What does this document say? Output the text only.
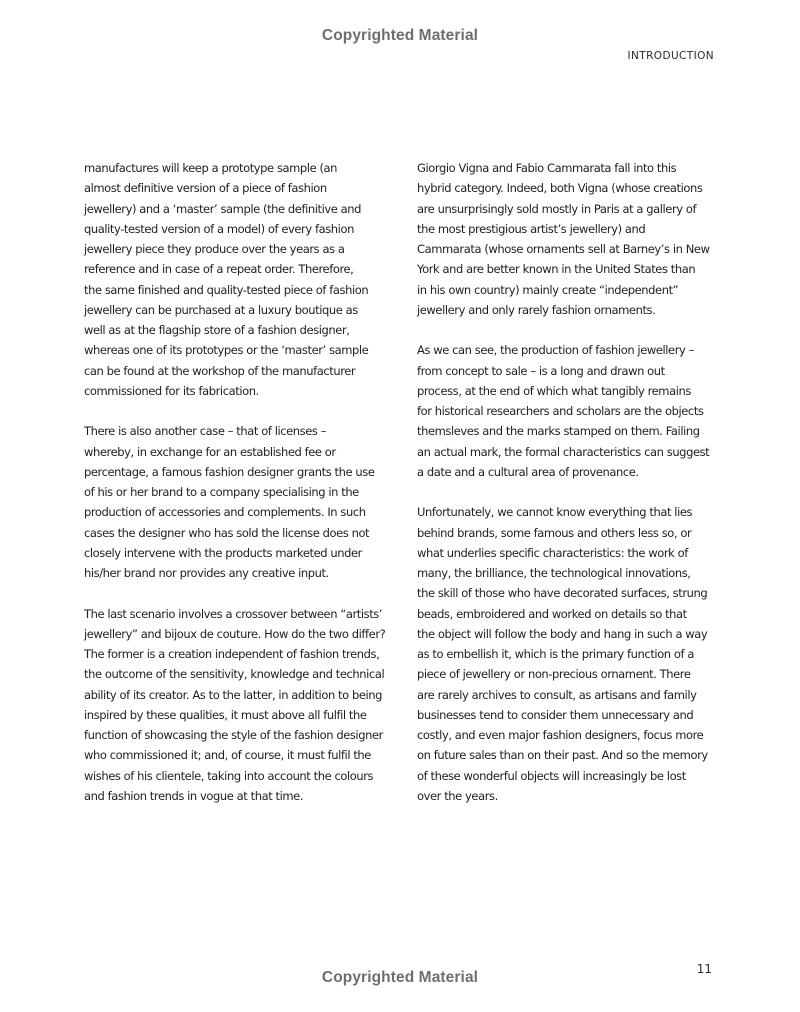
Copyrighted Material
INTRODUCTION

manufactures will keep a prototype sample (an
almost definitive version of a piece of fashion
jewellery) and a ‘master’ sample (the definitive and
quality-tested version of a model) of every fashion
jewellery piece they produce over the years as a
reference and in case of a repeat order. Therefore,
the same finished and quality-tested piece of fashion
jewellery can be purchased at a luxury boutique as
well as at the flagship store of a fashion designer,
whereas one of its prototypes or the ‘master’ sample
can be found at the workshop of the manufacturer
commissioned for its fabrication.

There is also another case – that of licenses –
whereby, in exchange for an established fee or
percentage, a famous fashion designer grants the use
of his or her brand to a company specialising in the
production of accessories and complements. In such
cases the designer who has sold the license does not
closely intervene with the products marketed under
his/her brand nor provides any creative input.

The last scenario involves a crossover between “artists’
jewellery” and bijoux de couture. How do the two differ?
The former is a creation independent of fashion trends,
the outcome of the sensitivity, knowledge and technical
ability of its creator. As to the latter, in addition to being
inspired by these qualities, it must above all fulfil the
function of showcasing the style of the fashion designer
who commissioned it; and, of course, it must fulfil the
wishes of his clientele, taking into account the colours
and fashion trends in vogue at that time.

Giorgio Vigna and Fabio Cammarata fall into this
hybrid category. Indeed, both Vigna (whose creations
are unsurprisingly sold mostly in Paris at a gallery of
the most prestigious artist’s jewellery) and
Cammarata (whose ornaments sell at Barney’s in New
York and are better known in the United States than
in his own country) mainly create “independent”
jewellery and only rarely fashion ornaments.

As we can see, the production of fashion jewellery –
from concept to sale – is a long and drawn out
process, at the end of which what tangibly remains
for historical researchers and scholars are the objects
themsleves and the marks stamped on them. Failing
an actual mark, the formal characteristics can suggest
a date and a cultural area of provenance.

Unfortunately, we cannot know everything that lies
behind brands, some famous and others less so, or
what underlies specific characteristics: the work of
many, the brilliance, the technological innovations,
the skill of those who have decorated surfaces, strung
beads, embroidered and worked on details so that
the object will follow the body and hang in such a way
as to embellish it, which is the primary function of a
piece of jewellery or non-precious ornament. There
are rarely archives to consult, as artisans and family
businesses tend to consider them unnecessary and
costly, and even major fashion designers, focus more
on future sales than on their past. And so the memory
of these wonderful objects will increasingly be lost
over the years.

11
Copyrighted Material
